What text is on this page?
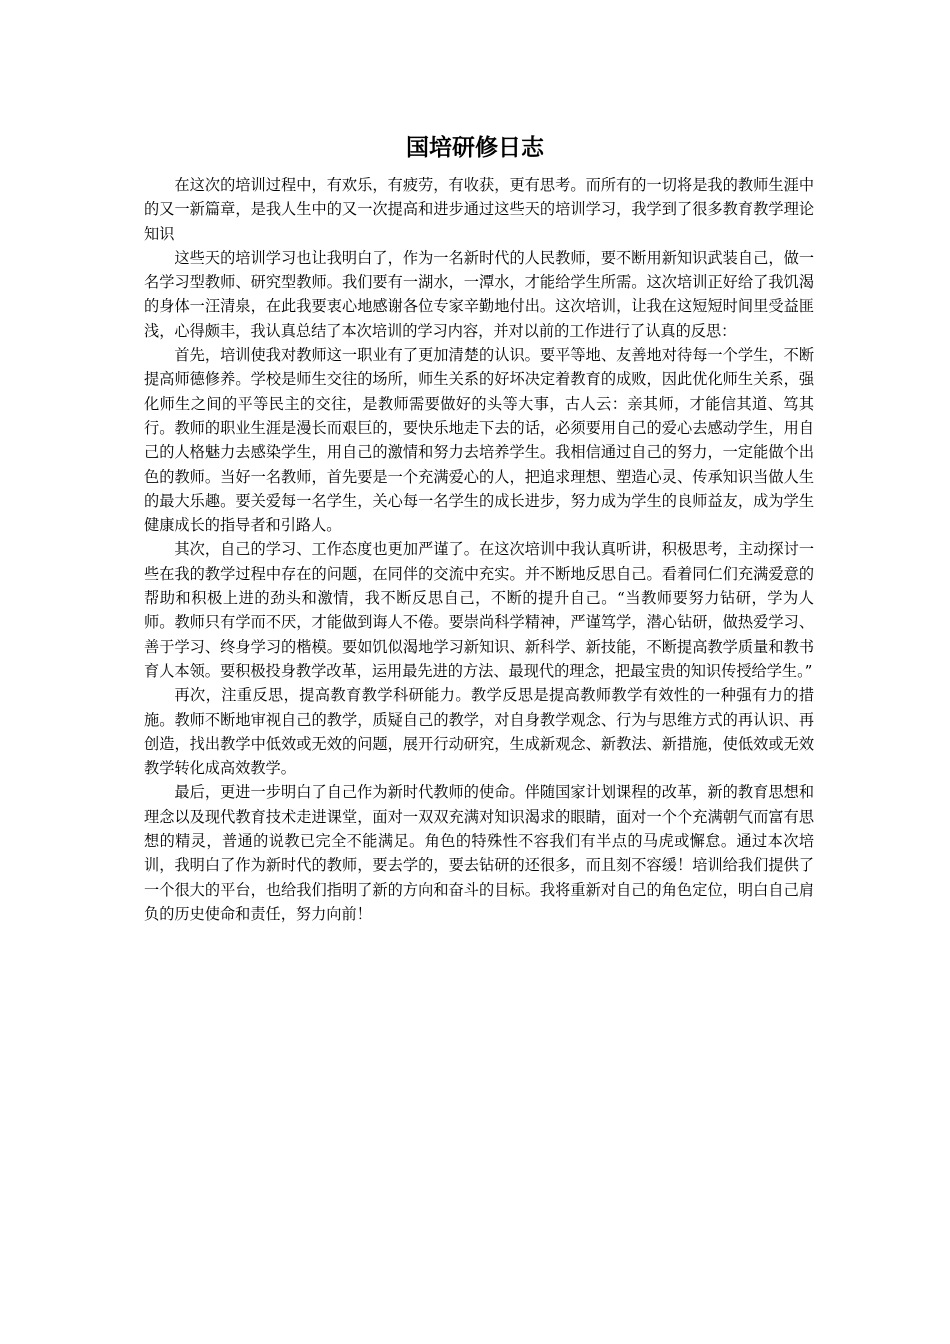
国培研修日志

在这次的培训过程中，有欢乐，有疲劳，有收获，更有思考。而所有的一切将是我的教师生涯中的又一新篇章，是我人生中的又一次提高和进步通过这些天的培训学习，我学到了很多教育教学理论知识

这些天的培训学习也让我明白了，作为一名新时代的人民教师，要不断用新知识武装自己，做一名学习型教师、研究型教师。我们要有一湖水，一潭水，才能给学生所需。这次培训正好给了我饥渴的身体一汪清泉，在此我要衷心地感谢各位专家辛勤地付出。这次培训，让我在这短短时间里受益匪浅，心得颇丰，我认真总结了本次培训的学习内容，并对以前的工作进行了认真的反思：

首先，培训使我对教师这一职业有了更加清楚的认识。要平等地、友善地对待每一个学生，不断提高师德修养。学校是师生交往的场所，师生关系的好坏决定着教育的成败，因此优化师生关系，强化师生之间的平等民主的交往，是教师需要做好的头等大事，古人云：亲其师，才能信其道、笃其行。教师的职业生涯是漫长而艰巨的，要快乐地走下去的话，必须要用自己的爱心去感动学生，用自己的人格魅力去感染学生，用自己的激情和努力去培养学生。我相信通过自己的努力，一定能做个出色的教师。当好一名教师，首先要是一个充满爱心的人，把追求理想、塑造心灵、传承知识当做人生的最大乐趣。要关爱每一名学生，关心每一名学生的成长进步，努力成为学生的良师益友，成为学生健康成长的指导者和引路人。

其次，自己的学习、工作态度也更加严谨了。在这次培训中我认真听讲，积极思考，主动探讨一些在我的教学过程中存在的问题，在同伴的交流中充实。并不断地反思自己。看着同仁们充满爱意的帮助和积极上进的劲头和激情，我不断反思自己，不断的提升自己。“当教师要努力钻研，学为人师。教师只有学而不厌，才能做到诲人不倦。要崇尚科学精神，严谨笃学，潜心钻研，做热爱学习、善于学习、终身学习的楷模。要如饥似渴地学习新知识、新科学、新技能，不断提高教学质量和教书育人本领。要积极投身教学改革，运用最先进的方法、最现代的理念，把最宝贵的知识传授给学生。”

再次，注重反思，提高教育教学科研能力。教学反思是提高教师教学有效性的一种强有力的措施。教师不断地审视自己的教学，质疑自己的教学，对自身教学观念、行为与思维方式的再认识、再创造，找出教学中低效或无效的问题，展开行动研究，生成新观念、新教法、新措施，使低效或无效教学转化成高效教学。

最后，更进一步明白了自己作为新时代教师的使命。伴随国家计划课程的改革，新的教育思想和理念以及现代教育技术走进课堂，面对一双双充满对知识渴求的眼睛，面对一个个充满朝气而富有思想的精灵，普通的说教已完全不能满足。角色的特殊性不容我们有半点的马虎或懈怠。通过本次培训，我明白了作为新时代的教师，要去学的，要去钻研的还很多，而且刻不容缓！培训给我们提供了一个很大的平台，也给我们指明了新的方向和奋斗的目标。我将重新对自己的角色定位，明白自己肩负的历史使命和责任，努力向前！
